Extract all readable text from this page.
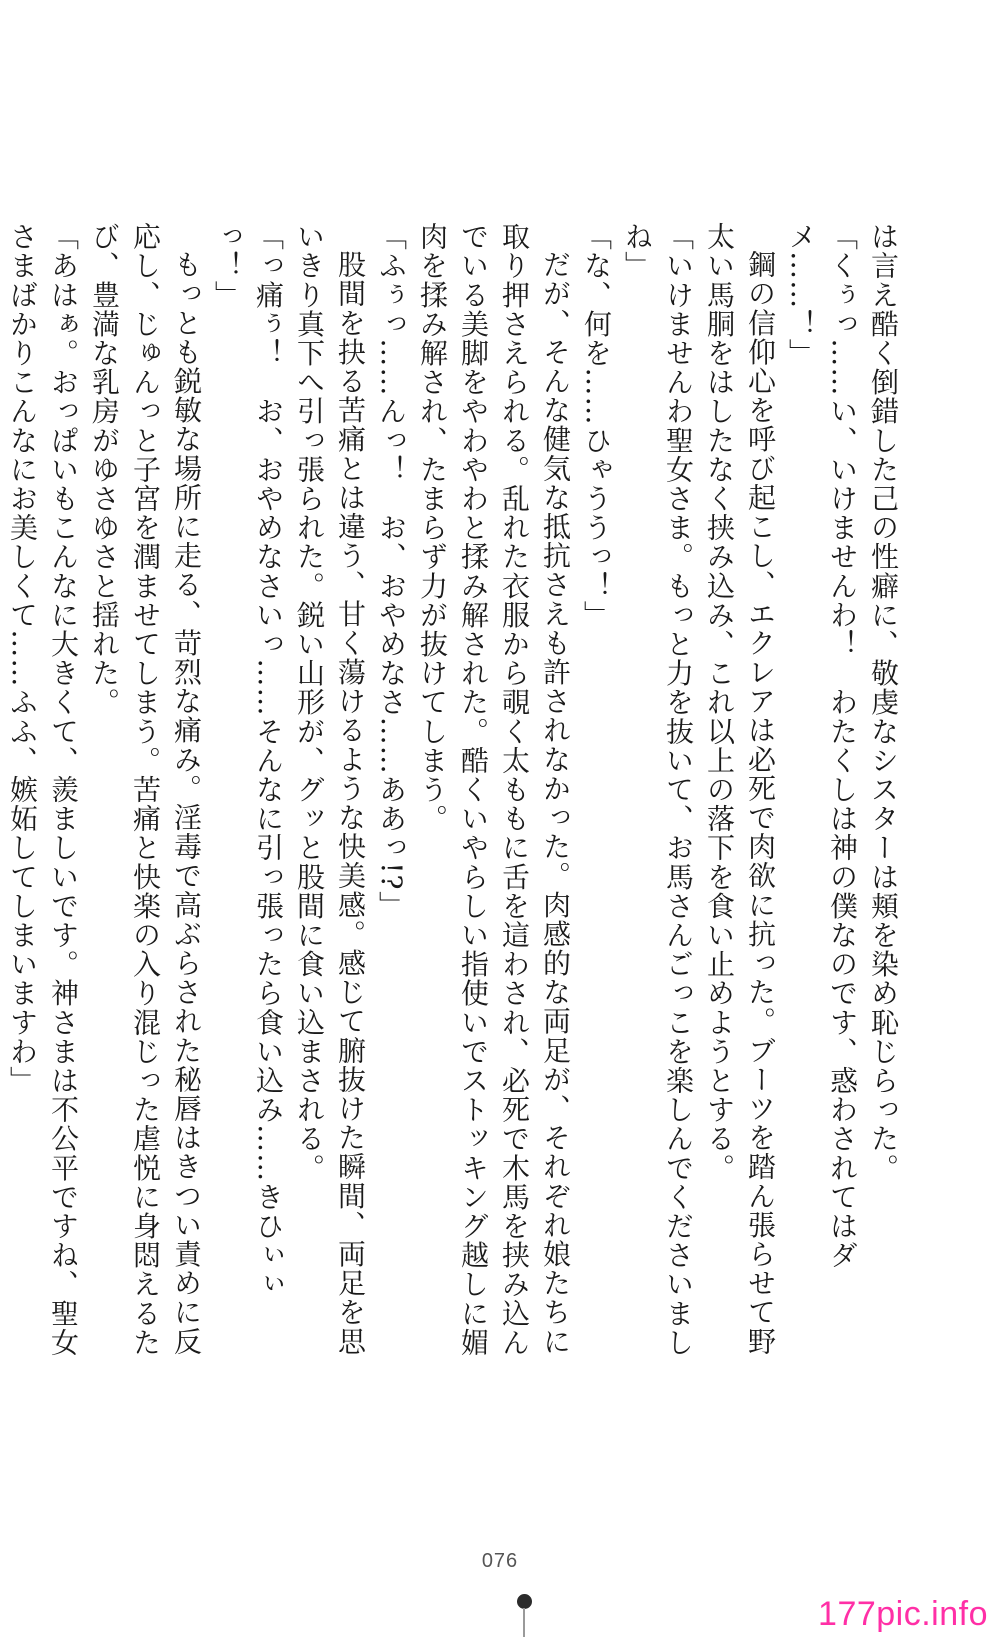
は言え酷く倒錯した己の性癖に、敬虔なシスターは頬を染め恥じらった。

「くぅっ……い、いけませんわ！　わたくしは神の僕なのです、惑わされてはダメ……！」

鋼の信仰心を呼び起こし、エクレアは必死で肉欲に抗った。ブーツを踏ん張らせて野太い馬胴をはしたなく挟み込み、これ以上の落下を食い止めようとする。

「いけませんわ聖女さま。もっと力を抜いて、お馬さんごっこを楽しんでくださいましね」

「な、何を……ひゃううっ！」

だが、そんな健気な抵抗さえも許されなかった。肉感的な両足が、それぞれ娘たちに取り押さえられる。乱れた衣服から覗く太ももに舌を這わされ、必死で木馬を挟み込んでいる美脚をやわやわと揉み解された。酷くいやらしい指使いでストッキング越しに媚肉を揉み解され、たまらず力が抜けてしまう。

「ふぅっ……んっ！　お、おやめなさ……ああっ!?」

股間を抉る苦痛とは違う、甘く蕩けるような快美感。感じて腑抜けた瞬間、両足を思いきり真下へ引っ張られた。鋭い山形が、グッと股間に食い込まされる。

「っ痛ぅ！　お、おやめなさいっ……そんなに引っ張ったら食い込み……きひぃぃっ！」

もっとも鋭敏な場所に走る、苛烈な痛み。淫毒で高ぶらされた秘唇はきつい責めに反応し、じゅんっと子宮を潤ませてしまう。苦痛と快楽の入り混じった虐悦に身悶えるたび、豊満な乳房がゆさゆさと揺れた。

「あはぁ。おっぱいもこんなに大きくて、羨ましいです。神さまは不公平ですね、聖女さまばかりこんなにお美しくて……ふふ、嫉妬してしまいますわ」

076
177pic.info
